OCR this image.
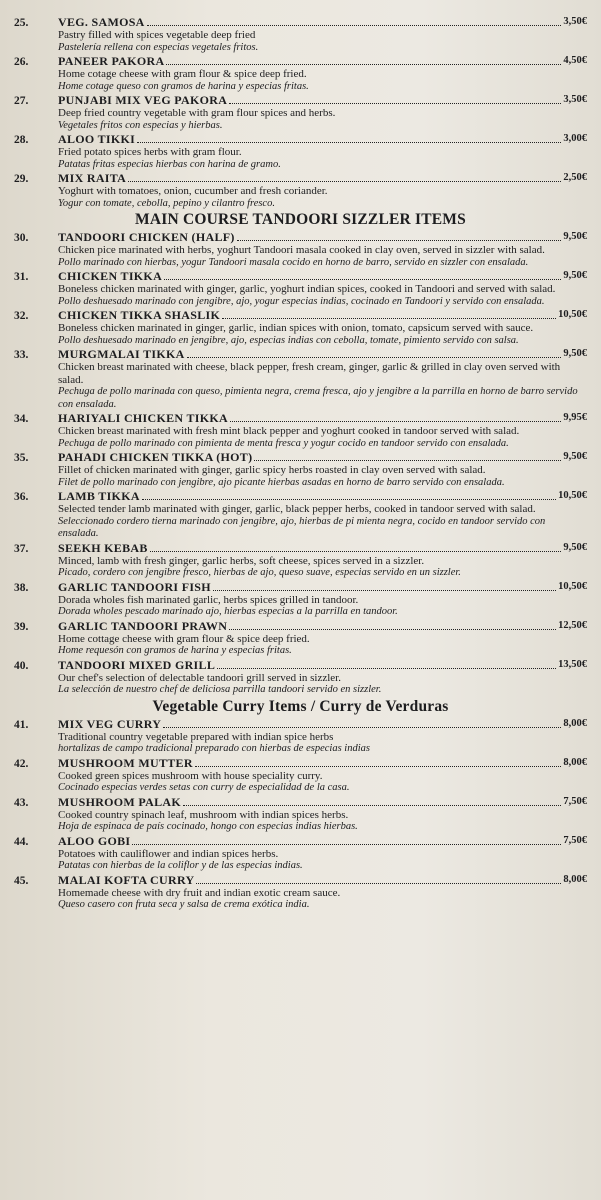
25.	VEG. SAMOSA	3,50€
Pastry filled with spices vegetable deep fried
Pastelería rellena con especias vegetales fritos.
26.	PANEER PAKORA	4,50€
Home cotage cheese with gram flour & spice deep fried.
Home cotage queso con gramos de harina y especias fritas.
27.	PUNJABI MIX VEG PAKORA	3,50€
Deep fried country vegetable with gram flour spices and herbs.
Vegetales fritos con especias y hierbas.
28.	ALOO TIKKI	3,00€
Fried potato spices herbs with gram flour.
Patatas fritas especias hierbas con harina de gramo.
29.	MIX RAITA	2,50€
Yoghurt with tomatoes, onion, cucumber and fresh coriander.
Yogur con tomate, cebolla, pepino y cilantro fresco.
MAIN COURSE TANDOORI SIZZLER ITEMS
30.	TANDOORI CHICKEN (HALF)	9,50€
Chicken pice marinated with herbs, yoghurt Tandoori masala cooked in clay oven, served in sizzler with salad.
Pollo marinado con hierbas, yogur Tandoori masala cocido en horno de barro, servido en sizzler con ensalada.
31.	CHICKEN TIKKA	9,50€
Boneless chicken marinated with ginger, garlic, yoghurt indian spices, cooked in Tandoori and served with salad.
Pollo deshuesado marinado con jengibre, ajo, yogur especias indias, cocinado en Tandoori y servido con ensalada.
32.	CHICKEN TIKKA SHASLIK	10,50€
Boneless chicken marinated in ginger, garlic, indian spices with onion, tomato, capsicum served with sauce.
Pollo deshuesado marinado en jengibre, ajo, especias indias con cebolla, tomate, pimiento servido con salsa.
33.	MURGMALAI TIKKA	9,50€
Chicken breast marinated with cheese, black pepper, fresh cream, ginger, garlic & grilled in clay oven served with salad.
Pechuga de pollo marinada con queso, pimienta negra, crema fresca, ajo y jengibre a la parrilla en horno de barro servido con ensalada.
34.	HARIYALI CHICKEN TIKKA	9,95€
Chicken breast marinated with fresh mint black pepper and yoghurt cooked in tandoor served with salad.
Pechuga de pollo marinado con pimienta de menta fresca y yogur cocido en tandoor servido con ensalada.
35.	PAHADI CHICKEN TIKKA (HOT)	9,50€
Fillet of chicken marinated with ginger, garlic spicy herbs roasted in clay oven served with salad.
Filet de pollo marinado con jengibre, ajo picante hierbas asadas en horno de barro servido con ensalada.
36.	LAMB TIKKA	10,50€
Selected tender lamb marinated with ginger, garlic, black pepper herbs, cooked in tandoor served with salad.
Seleccionado cordero tierna marinado con jengibre, ajo, hierbas de pi mienta negra, cocido en tandoor servido con ensalada.
37.	SEEKH KEBAB	9,50€
Minced, lamb with fresh ginger, garlic herbs, soft cheese, spices served in a sizzler.
Picado, cordero con jengibre fresco, hierbas de ajo, queso suave, especias servido en un sizzler.
38.	GARLIC TANDOORI FISH	10,50€
Dorada wholes fish marinated garlic, herbs spices grilled in tandoor.
Dorada wholes pescado marinado ajo, hierbas especias a la parrilla en tandoor.
39.	GARLIC TANDOORI PRAWN	12,50€
Home cottage cheese with gram flour & spice deep fried.
Home requesón con gramos de harina y especias fritas.
40.	TANDOORI MIXED GRILL	13,50€
Our chef's selection of delectable tandoori grill served in sizzler.
La selección de nuestro chef de deliciosa parrilla tandoori servido en sizzler.
Vegetable Curry Items / Curry de Verduras
41.	MIX VEG CURRY	8,00€
Traditional country vegetable prepared with indian spice herbs
hortalizas de campo tradicional preparado con hierbas de especias indias
42.	MUSHROOM MUTTER	8,00€
Cooked green spices mushroom with house speciality curry.
Cocinado especias verdes setas con curry de especialidad de la casa.
43.	MUSHROOM PALAK	7,50€
Cooked country spinach leaf, mushroom with indian spices herbs.
Hoja de espinaca de país cocinado, hongo con especias indias hierbas.
44.	ALOO GOBI	7,50€
Potatoes with cauliflower and indian spices herbs.
Patatas con hierbas de la coliflor y de las especias indias.
45.	MALAI KOFTA CURRY	8,00€
Homemade cheese with dry fruit and indian exotic cream sauce.
Queso casero con fruta seca y salsa de crema exótica india.
